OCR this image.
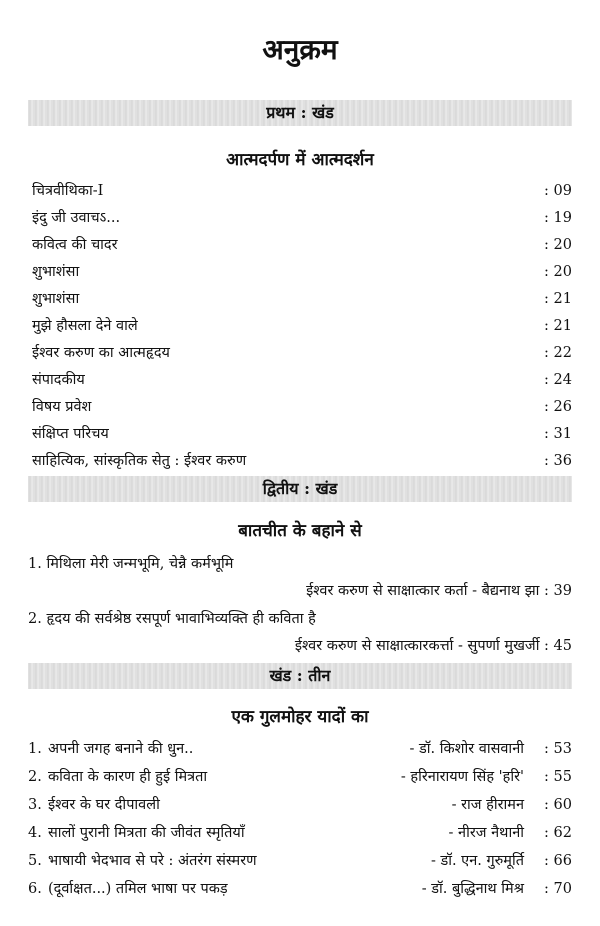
अनुक्रम
प्रथम : खंड
आत्मदर्पण में आत्मदर्शन
चित्रवीथिका-I	: 09
इंदु जी उवाचऽ...	: 19
कवित्व की चादर	: 20
शुभाशंसा	: 20
शुभाशंसा	: 21
मुझे हौसला देने वाले	: 21
ईश्वर करुण का आत्महृदय	: 22
संपादकीय	: 24
विषय प्रवेश	: 26
संक्षिप्त परिचय	: 31
साहित्यिक, सांस्कृतिक सेतु : ईश्वर करुण	: 36
द्वितीय : खंड
बातचीत के बहाने से
1. मिथिला मेरी जन्मभूमि, चेन्नै कर्मभूमि
ईश्वर करुण से साक्षात्कार कर्ता - बैद्यनाथ झा : 39
2. हृदय की सर्वश्रेष्ठ रसपूर्ण भावाभिव्यक्ति ही कविता है
ईश्वर करुण से साक्षात्कारकर्त्ता - सुपर्णा मुखर्जी : 45
खंड : तीन
एक गुलमोहर यादों का
1. अपनी जगह बनाने की धुन..	- डॉ. किशोर वासवानी	: 53
2. कविता के कारण ही हुई मित्रता	- हरिनारायण सिंह 'हरि'	: 55
3. ईश्वर के घर दीपावली	- राज हीरामन	: 60
4. सालों पुरानी मित्रता की जीवंत स्मृतियाँ	- नीरज नैथानी	: 62
5. भाषायी भेदभाव से परे : अंतरंग संस्मरण	- डॉ. एन. गुरुमूर्ति	: 66
6. (दूर्वाक्षत...) तमिल भाषा पर पकड़	- डॉ. बुद्धिनाथ मिश्र	: 70
